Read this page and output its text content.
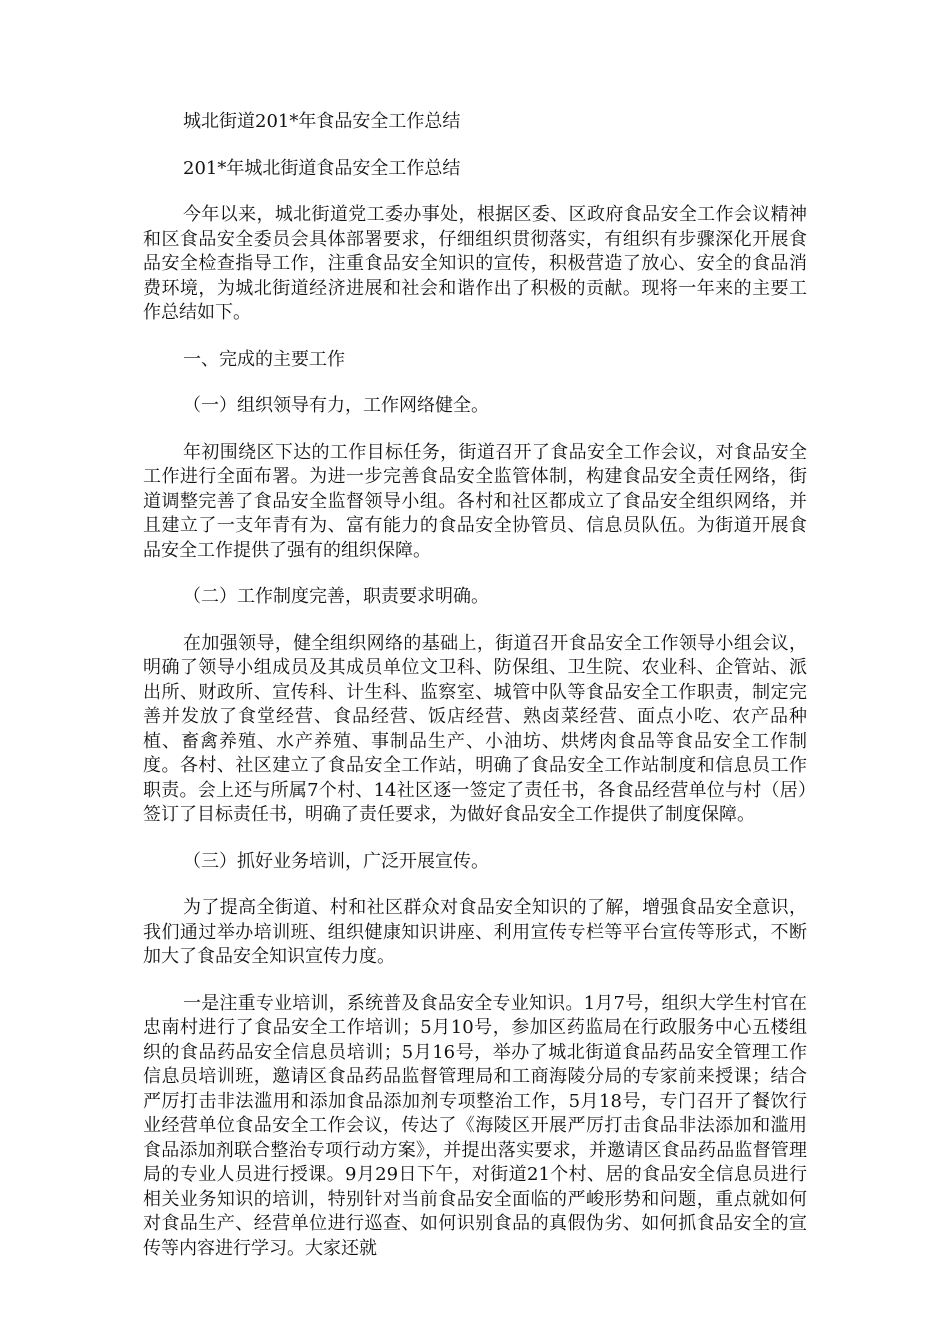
城北街道201*年食品安全工作总结

201*年城北街道食品安全工作总结

今年以来，城北街道党工委办事处，根据区委、区政府食品安全工作会议精神和区食品安全委员会具体部署要求，仔细组织贯彻落实，有组织有步骤深化开展食品安全检查指导工作，注重食品安全知识的宣传，积极营造了放心、安全的食品消费环境，为城北街道经济进展和社会和谐作出了积极的贡献。现将一年来的主要工作总结如下。

一、完成的主要工作

（一）组织领导有力，工作网络健全。

年初围绕区下达的工作目标任务，街道召开了食品安全工作会议，对食品安全工作进行全面布署。为进一步完善食品安全监管体制，构建食品安全责任网络，街道调整完善了食品安全监督领导小组。各村和社区都成立了食品安全组织网络，并且建立了一支年青有为、富有能力的食品安全协管员、信息员队伍。为街道开展食品安全工作提供了强有的组织保障。

（二）工作制度完善，职责要求明确。

在加强领导，健全组织网络的基础上，街道召开食品安全工作领导小组会议，明确了领导小组成员及其成员单位文卫科、防保组、卫生院、农业科、企管站、派出所、财政所、宣传科、计生科、监察室、城管中队等食品安全工作职责，制定完善并发放了食堂经营、食品经营、饭店经营、熟卤菜经营、面点小吃、农产品种植、畜禽养殖、水产养殖、事制品生产、小油坊、烘烤肉食品等食品安全工作制度。各村、社区建立了食品安全工作站，明确了食品安全工作站制度和信息员工作职责。会上还与所属7个村、14社区逐一签定了责任书，各食品经营单位与村（居）签订了目标责任书，明确了责任要求，为做好食品安全工作提供了制度保障。

（三）抓好业务培训，广泛开展宣传。

为了提高全街道、村和社区群众对食品安全知识的了解，增强食品安全意识，我们通过举办培训班、组织健康知识讲座、利用宣传专栏等平台宣传等形式，不断加大了食品安全知识宣传力度。

一是注重专业培训，系统普及食品安全专业知识。1月7号，组织大学生村官在忠南村进行了食品安全工作培训；5月10号，参加区药监局在行政服务中心五楼组织的食品药品安全信息员培训；5月16号，举办了城北街道食品药品安全管理工作信息员培训班，邀请区食品药品监督管理局和工商海陵分局的专家前来授课；结合严厉打击非法滥用和添加食品添加剂专项整治工作，5月18号，专门召开了餐饮行业经营单位食品安全工作会议，传达了《海陵区开展严厉打击食品非法添加和滥用食品添加剂联合整治专项行动方案》，并提出落实要求，并邀请区食品药品监督管理局的专业人员进行授课。9月29日下午，对街道21个村、居的食品安全信息员进行相关业务知识的培训，特别针对当前食品安全面临的严峻形势和问题，重点就如何对食品生产、经营单位进行巡查、如何识别食品的真假伪劣、如何抓食品安全的宣传等内容进行学习。大家还就
